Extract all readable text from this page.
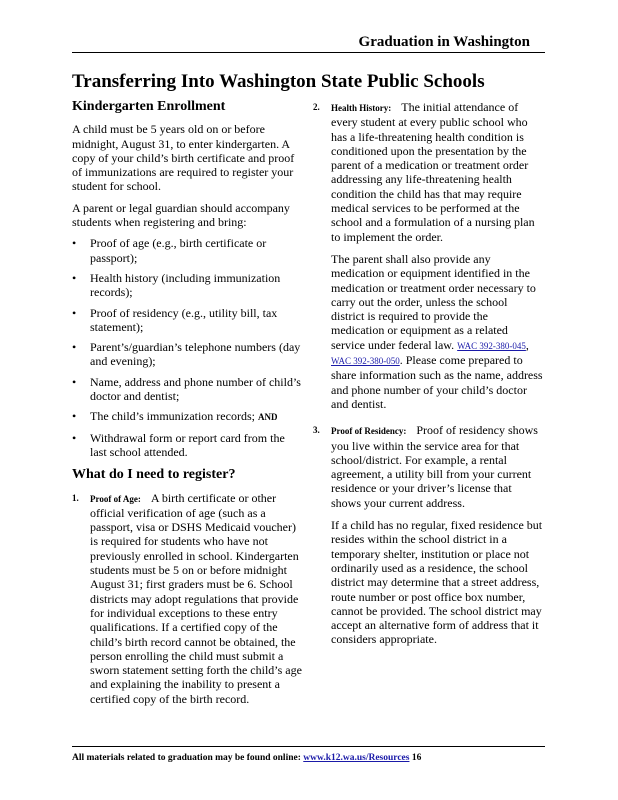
Graduation in Washington
Transferring Into Washington State Public Schools
Kindergarten Enrollment

A child must be 5 years old on or before midnight, August 31, to enter kindergarten. A copy of your child’s birth certificate and proof of immunizations are required to register your student for school.

A parent or legal guardian should accompany students when registering and bring:

• Proof of age (e.g., birth certificate or passport);
• Health history (including immunization records);
• Proof of residency (e.g., utility bill, tax statement);
• Parent’s/guardian’s telephone numbers (day and evening);
• Name, address and phone number of child’s doctor and dentist;
• The child’s immunization records; AND
• Withdrawal form or report card from the last school attended.
What do I need to register?
1. Proof of Age: A birth certificate or other official verification of age (such as a passport, visa or DSHS Medicaid voucher) is required for students who have not previously enrolled in school. Kindergarten students must be 5 on or before midnight August 31; first graders must be 6. School districts may adopt regulations that provide for individual exceptions to these entry qualifications. If a certified copy of the child’s birth record cannot be obtained, the person enrolling the child must submit a sworn statement setting forth the child’s age and explaining the inability to present a certified copy of the birth record.
2. Health History: The initial attendance of every student at every public school who has a life-threatening health condition is conditioned upon the presentation by the parent of a medication or treatment order addressing any life-threatening health condition the child has that may require medical services to be performed at the school and a formulation of a nursing plan to implement the order.

The parent shall also provide any medication or equipment identified in the medication or treatment order necessary to carry out the order, unless the school district is required to provide the medication or equipment as a related service under federal law. WAC 392-380-045, WAC 392-380-050. Please come prepared to share information such as the name, address and phone number of your child’s doctor and dentist.

3. Proof of Residency: Proof of residency shows you live within the service area for that school/district. For example, a rental agreement, a utility bill from your current residence or your driver’s license that shows your current address.

If a child has no regular, fixed residence but resides within the school district in a temporary shelter, institution or place not ordinarily used as a residence, the school district may determine that a street address, route number or post office box number, cannot be provided. The school district may accept an alternative form of address that it considers appropriate.

All materials related to graduation may be found online: www.k12.wa.us/Resources 16
